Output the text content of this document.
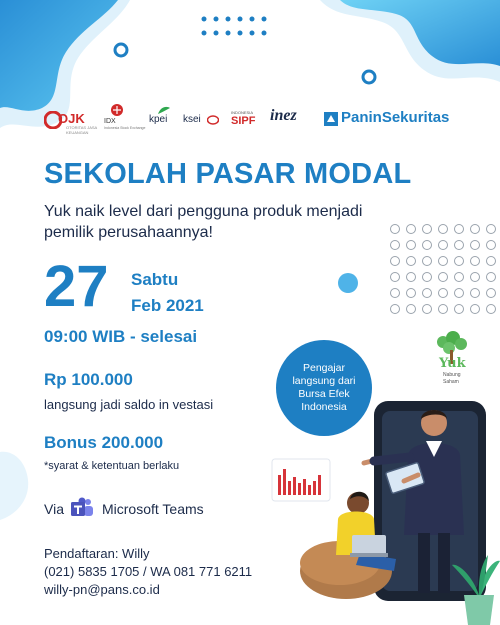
OJK
OTORITAS JASA KEUANGAN
IDX
Indonesia Stock Exchange
kpei ksei
INDONESIA
SIPF inez	PaninSekuritas
SEKOLAH PASAR MODAL
Yuk naik level dari pengguna produk menjadi pemilik perusahaannya!
27 Sabtu
Feb 2021
09:00 WIB - selesai
Rp 100.000
langsung jadi saldo in vestasi
Bonus 200.000
*syarat & ketentuan berlaku
Via	Microsoft Teams
Pendaftaran: Willy
(021) 5835 1705 / WA 081 771 6211
willy-pn@pans.co.id
Yuk
Nabung
Saham
Pengajar langsung dari Bursa Efek Indonesia
